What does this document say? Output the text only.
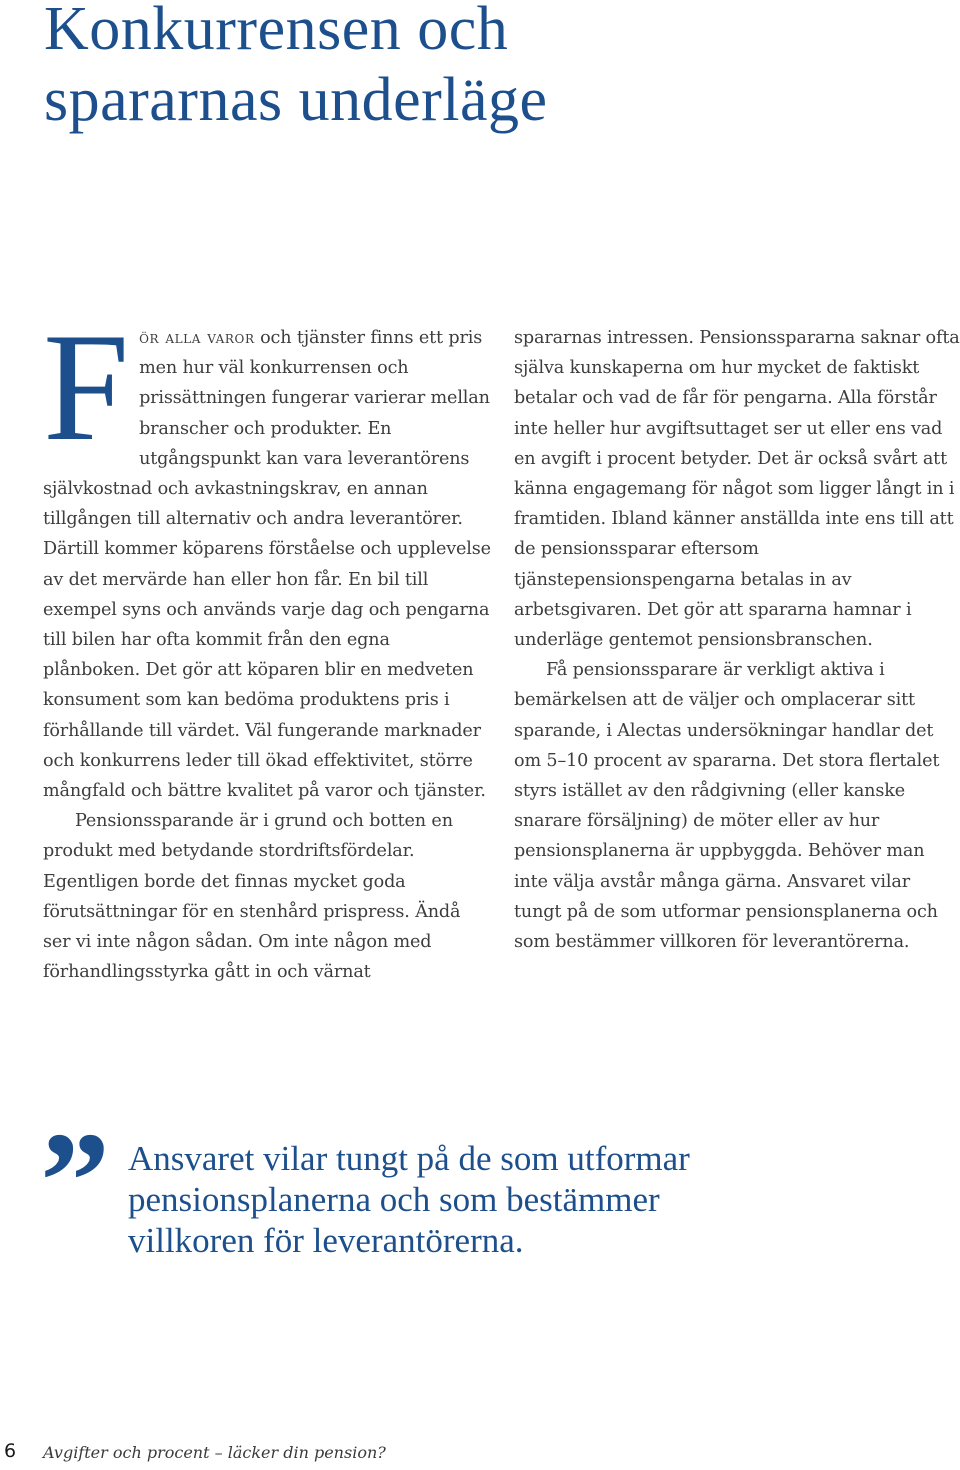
Konkurrensen och
spararnas underläge

För alla varor och tjänster finns ett pris men hur väl konkurrensen och prissättningen fungerar varierar mellan branscher och produkter. En utgångspunkt kan vara leverantörens självkostnad och avkastningskrav, en annan tillgången till alternativ och andra leverantörer. Därtill kommer köparens förståelse och upplevelse av det mervärde han eller hon får. En bil till exempel syns och används varje dag och pengarna till bilen har ofta kommit från den egna plånboken. Det gör att köparen blir en medveten konsument som kan bedöma produktens pris i förhållande till värdet. Väl fungerande marknader och konkurrens leder till ökad effektivitet, större mångfald och bättre kvalitet på varor och tjänster.

Pensionssparande är i grund och botten en produkt med betydande stordriftsfördelar. Egentligen borde det finnas mycket goda förutsättningar för en stenhård prispress. Ändå ser vi inte någon sådan. Om inte någon med förhandlingsstyrka gått in och värnat

spararnas intressen. Pensionsspararna saknar ofta själva kunskaperna om hur mycket de faktiskt betalar och vad de får för pengarna. Alla förstår inte heller hur avgiftsuttaget ser ut eller ens vad en avgift i procent betyder. Det är också svårt att känna engagemang för något som ligger långt in i framtiden. Ibland känner anställda inte ens till att de pensionssparar eftersom tjänstepensionspengarna betalas in av arbetsgivaren. Det gör att spararna hamnar i underläge gentemot pensionsbranschen.

Få pensionssparare är verkligt aktiva i bemärkelsen att de väljer och omplacerar sitt sparande, i Alectas undersökningar handlar det om 5–10 procent av spararna. Det stora flertalet styrs istället av den rådgivning (eller kanske snarare försäljning) de möter eller av hur pensionsplanerna är uppbyggda. Behöver man inte välja avstår många gärna. Ansvaret vilar tungt på de som utformar pensionsplanerna och som bestämmer villkoren för leverantörerna.

” Ansvaret vilar tungt på de som utformar
pensionsplanerna och som bestämmer
villkoren för leverantörerna.

6 Avgifter och procent – läcker din pension?
